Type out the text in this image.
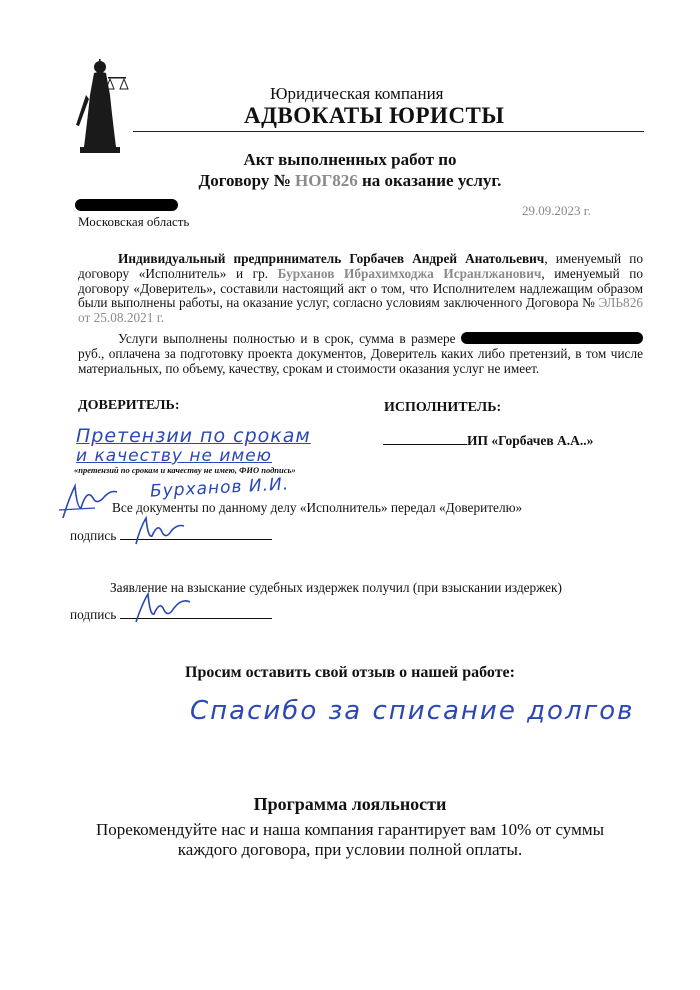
Юридическая компания
АДВОКАТЫ ЮРИСТЫ
Акт выполненных работ по
Договору № НОГ826 на оказание услуг.
Московская область
29.09.2023 г.
Индивидуальный предприниматель Горбачев Андрей Анатольевич, именуемый по договору «Исполнитель» и гр. Бурханов Ибрахимходжа Исранлжанович, именуемый по договору «Доверитель», составили настоящий акт о том, что Исполнителем надлежащим образом были выполнены работы, на оказание услуг, согласно условиям заключенного Договора № ЭЛЬ826 от 25.08.2021 г.
Услуги выполнены полностью и в срок, сумма в размере  руб., оплачена за подготовку проекта документов, Доверитель каких либо претензий, в том числе материальных, по объему, качеству, срокам и стоимости оказания услуг не имеет.
ДОВЕРИТЕЛЬ:	ИСПОЛНИТЕЛЬ:
Претензии по срокам
и качеству не имею
«претензий по срокам и качеству не имею, ФИО подпись»
ИП «Горбачев А.А..»
Бурханов И.И.
Все документы по данному делу «Исполнитель» передал «Доверителю»
подпись
Заявление на взыскание судебных издержек получил (при взыскании издержек)
подпись
Просим оставить свой отзыв о нашей работе:
Спасибо за списание долгов
Программа лояльности
Порекомендуйте нас и наша компания гарантирует вам 10% от суммы
каждого договора, при условии полной оплаты.
